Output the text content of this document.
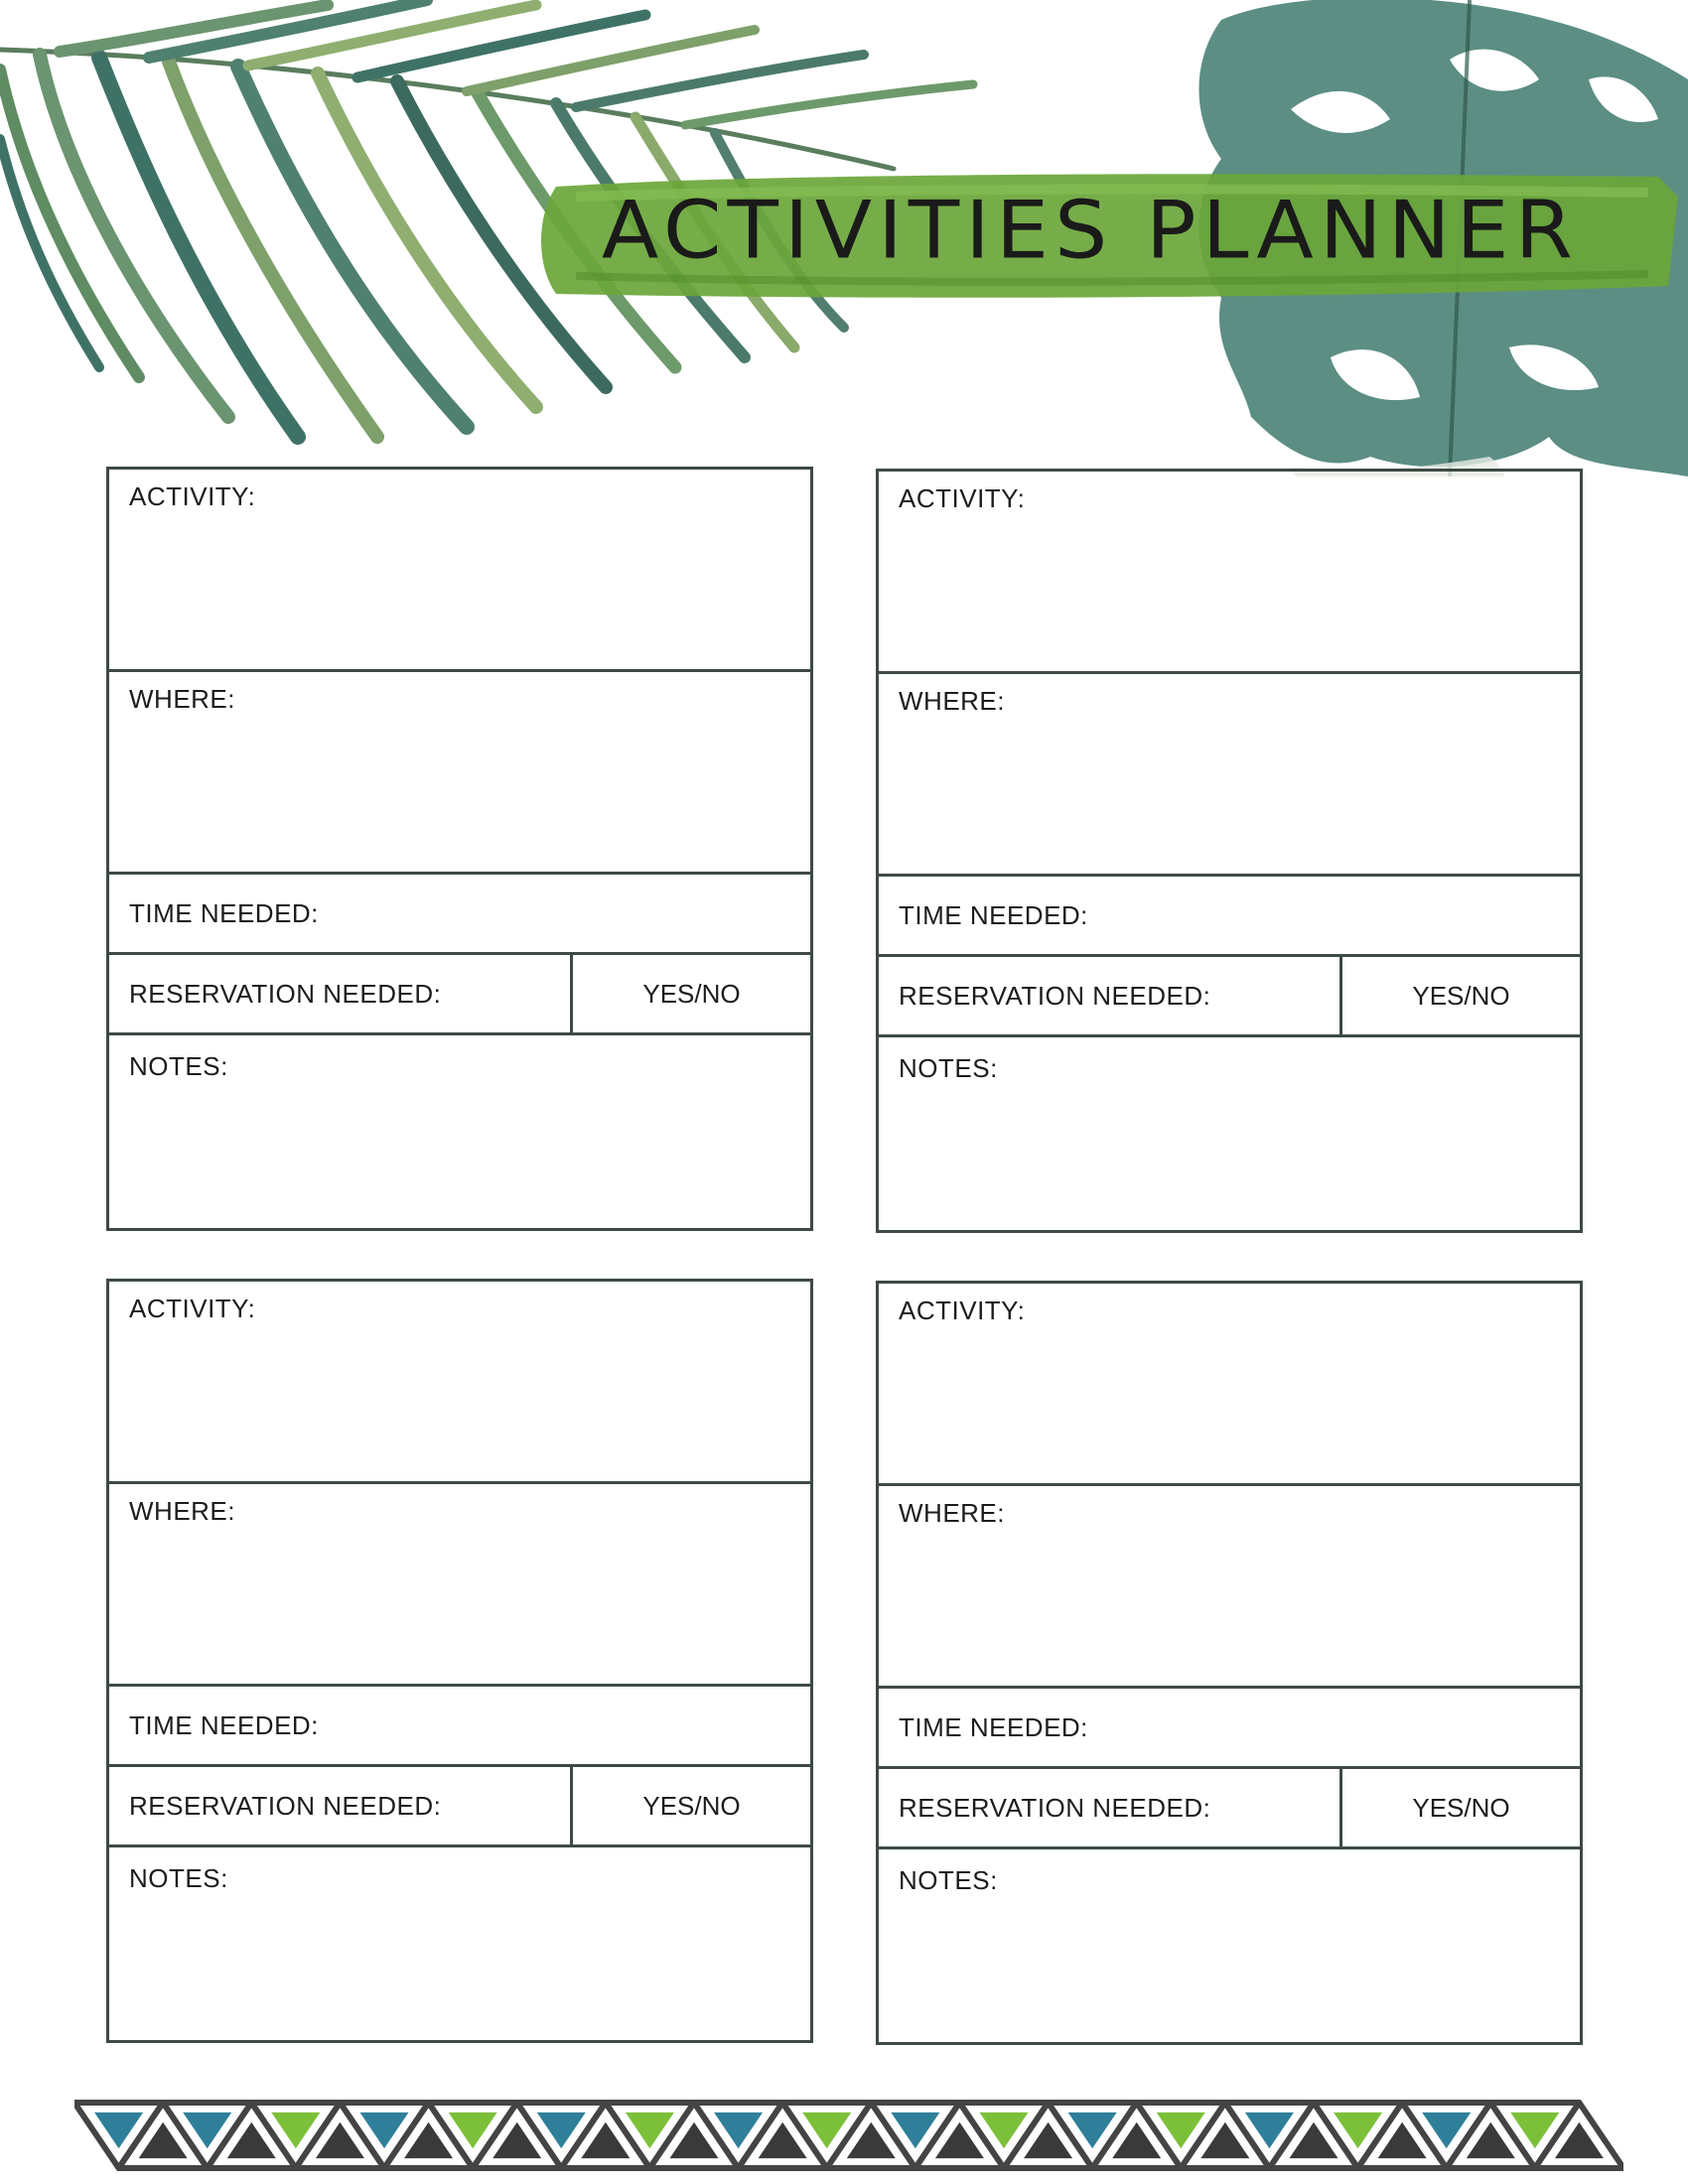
ACTIVITIES PLANNER
ACTIVITY:
WHERE:
TIME NEEDED:
RESERVATION NEEDED:	YES/NO
NOTES:
ACTIVITY:
WHERE:
TIME NEEDED:
RESERVATION NEEDED:	YES/NO
NOTES:
ACTIVITY:
WHERE:
TIME NEEDED:
RESERVATION NEEDED:	YES/NO
NOTES:
ACTIVITY:
WHERE:
TIME NEEDED:
RESERVATION NEEDED:	YES/NO
NOTES:
